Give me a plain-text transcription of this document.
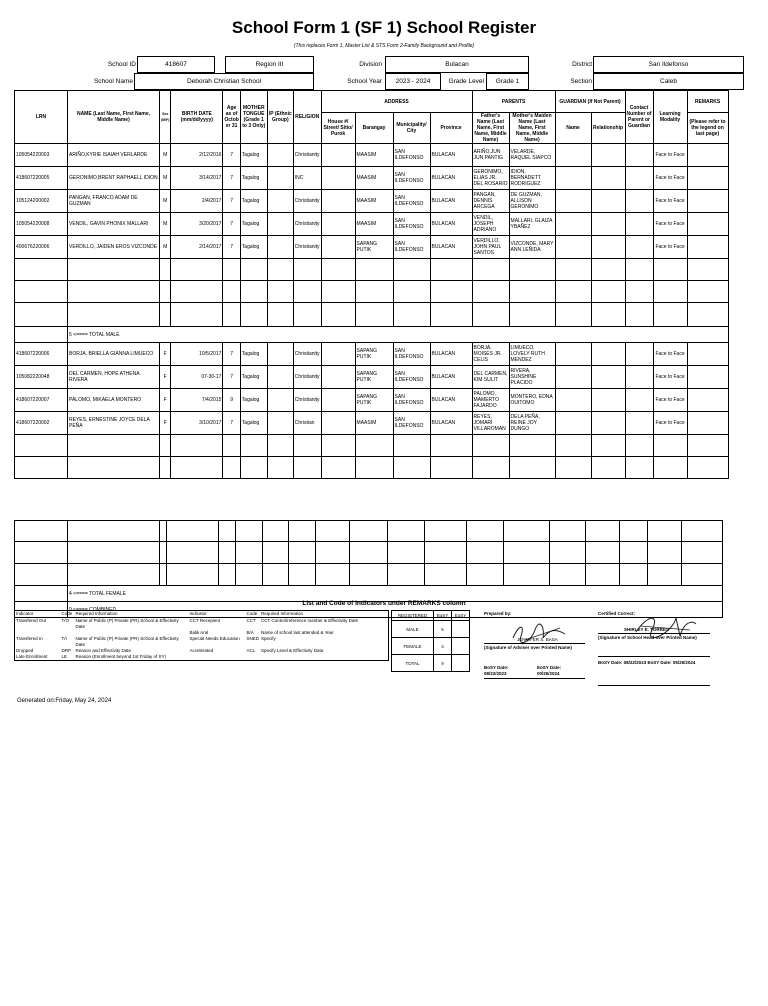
School Form 1 (SF 1) School Register
(This replaces Form 1, Master List & STS Form 2-Family Background and Profile)
School ID	418607	Region III	Division	Bulacan	District	San Ildefonso
School Name	Deborah Christian School	School Year	2023 - 2024	Grade Level	Grade 1	Section	Caleb
LRN	NAME (Last Name, First Name, Middle Name)	Sex (M/F)	BIRTH DATE (mm/dd/yyyy)	Age as of Octob er 31	MOTHER TONGUE (Grade 1 to 3 Only)	IP (Ethnic Group)	RELIGION	ADDRESS				PARENTS		GUARDIAN (If Not Parent)		Contact Number of Parent or Guardian	Learning Modality	REMARKS
								House #/ Street/ Sitio/ Purok	Barangay	Municipality/ City	Province	Father's Name (Last Name, First Name, Middle Name)	Mother's Maiden Name (Last Name, First Name, Middle Name)	Name	Relationship			(Please refer to the legend on last page)
105054220003	ARIÑO,KYRIE ISAIAH VERLARDE	M	2/12/2016	7	Tagalog		Christianity		MAASIM	SAN ILDEFONSO	BULACAN	ARIÑO,JUN JUN PANTIG	VELARDE, RAQUEL SIAPCO				Face to Face	
418607220005	GERONIMO,BRENT RAPHAELL IDION	M	3/14/2017	7	Tagalog		INC		MAASIM	SAN ILDEFONSO	BULACAN	GERONIMO, ELIAS JR. DEL ROSARIO	IDION, BERNADETT RODRIGUEZ				Face to Face	
105124200002	PANGAN, FRANCO ADAM DE GUZMAN	M	2/4/2017	7	Tagalog		Christianity		MAASIM	SAN ILDEFONSO	BULACAN	PANGAN, DENNIS ARCEGA	DE GUZMAN, ALLISON GERONIMO				Face to Face	
105054220008	VENDIL, GAVIN PHONIX MALLARI	M	3/20/2017	7	Tagalog		Christianity		MAASIM	SAN ILDEFONSO	BULACAN	VENDIL, JOSEPH ADRIANO	MALLARI, GLAIZA YBAÑEZ				Face to Face	
400676220006	VERDILLO, JAIDEN EROS VIZCONDE	M	2/14/2017	7	Tagalog		Christianity		SAPANG PUTIK	SAN ILDEFONSO	BULACAN	VERDILLO, JOHN PAUL SANTOS	VIZCONDE, MARY ANN LEÑIDA				Face to Face	

	5 <==== TOTAL MALE																	
418607220006	BORJA, BRIELLA GIANNA LIMUECO	F	10/5/2017	7	Tagalog		Christianity		SAPANG PUTIK	SAN ILDEFONSO	BULACAN	BORJA, MOISES JR. CELIS	LIMUECO, LOVELY RUTH MENDEZ				Face to Face	
105082220048	DEL CARMEN, HOPE ATHENA RIVERA	F	07-30-17	7	Tagalog		Christianity		SAPANG PUTIK	SAN ILDEFONSO	BULACAN	DEL CARMEN, KIM SULIT	RIVERA, SUNSHINE PLACIDO				Face to Face	
418607220007	PALOMO, MIKAELA MONTERO	F	7/4/2015	9	Tagalog		Christianity		SAPANG PUTIK	SAN ILDEFONSO	BULACAN	PALOMO, MAMERTO FAJARDO	MONTERO, EDNA OUITOMO				Face to Face	
418607220002	REYES, ERNESTINE JOYCE DELA PEÑA	F	3/10/2017	7	Tagalog		Christian		MAASIM	SAN ILDEFONSO	BULACAN	REYES, JOMARI VILLAROMAN	DELA PEÑA, REINE JOY DUNGO				Face to Face	

	4 <==== TOTAL FEMALE																	
	9 <==== COMBINED																	
List and Code of Indicators under REMARKS column
Indicator	Code	Required Information	Indicator	Code	Required Information
Transfered Out	T/O	Name of Public (P) Private (PR) School & Effectivity Date	CCT Recepient	CCT	CCT Control/reference number & Effectivity Date
			Balik Aral	B/A	Name of school last attended & Year
Transfered In	T/I	Name of Public (P) Private (PR) School & Effectivity Date	Special Needs Education	SNED	Specify
Dropped	DRP	Reason and Effectivity Date	Accelerated	ACL	Specify Level & Effectivity Data
Late Enrollment	LE	Reason (Enrollment beyond 1st Friday of SY)			
REGISTERED	BoSY	EoSY
MALE	5	
FEMALE	4	
TOTAL	9	
Prepared by:
JENNIFER S. BASA
(Signature of Adviser over Printed Name)
BoSY Date:
08/22/2023
EoSY Date:
00/26/2024
Certified Correct:
SHIRLEY E. TORRES
(Signature of School Head over Printed Name)
BoSY Date: 08/22/2023 EoSY Date: 05/26/2024
Generated on:Friday, May 24, 2024
